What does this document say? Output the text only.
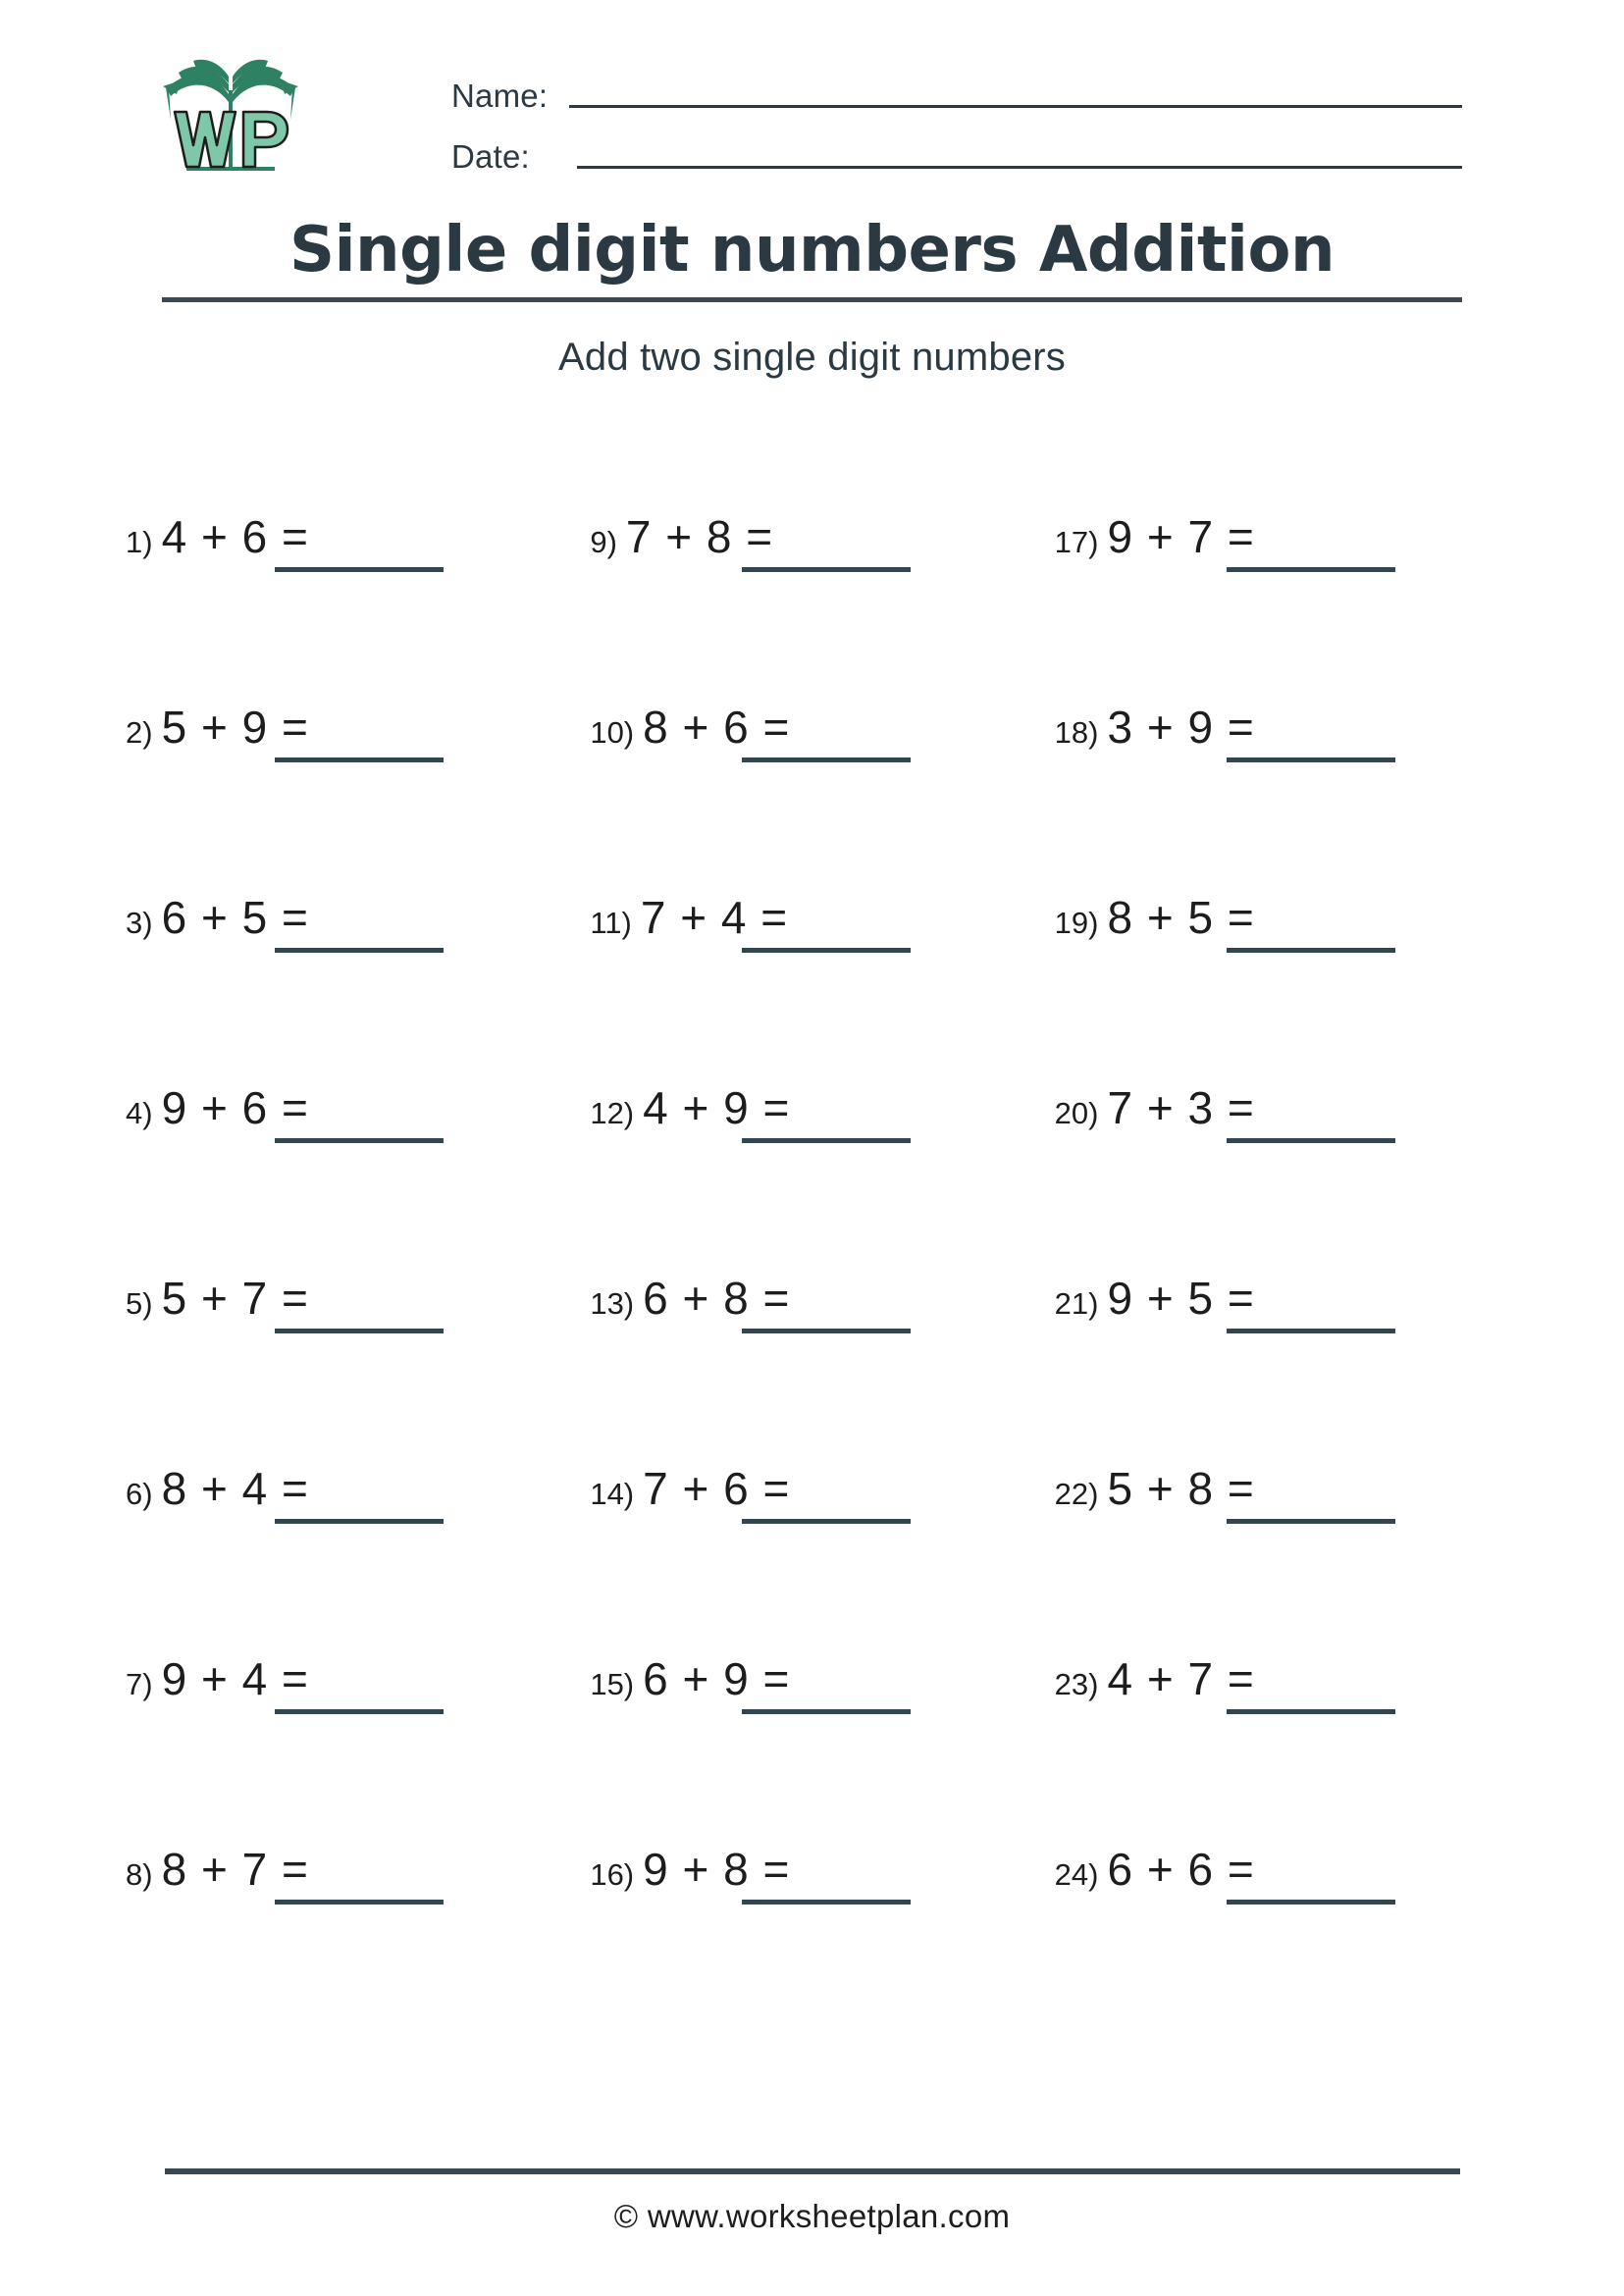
Name:
Date:
Single digit numbers Addition
Add two single digit numbers
1) 4 + 6 =	9) 7 + 8 =	17) 9 + 7 =
2) 5 + 9 =	10) 8 + 6 =	18) 3 + 9 =
3) 6 + 5 =	11) 7 + 4 =	19) 8 + 5 =
4) 9 + 6 =	12) 4 + 9 =	20) 7 + 3 =
5) 5 + 7 =	13) 6 + 8 =	21) 9 + 5 =
6) 8 + 4 =	14) 7 + 6 =	22) 5 + 8 =
7) 9 + 4 =	15) 6 + 9 =	23) 4 + 7 =
8) 8 + 7 =	16) 9 + 8 =	24) 6 + 6 =
© www.worksheetplan.com
